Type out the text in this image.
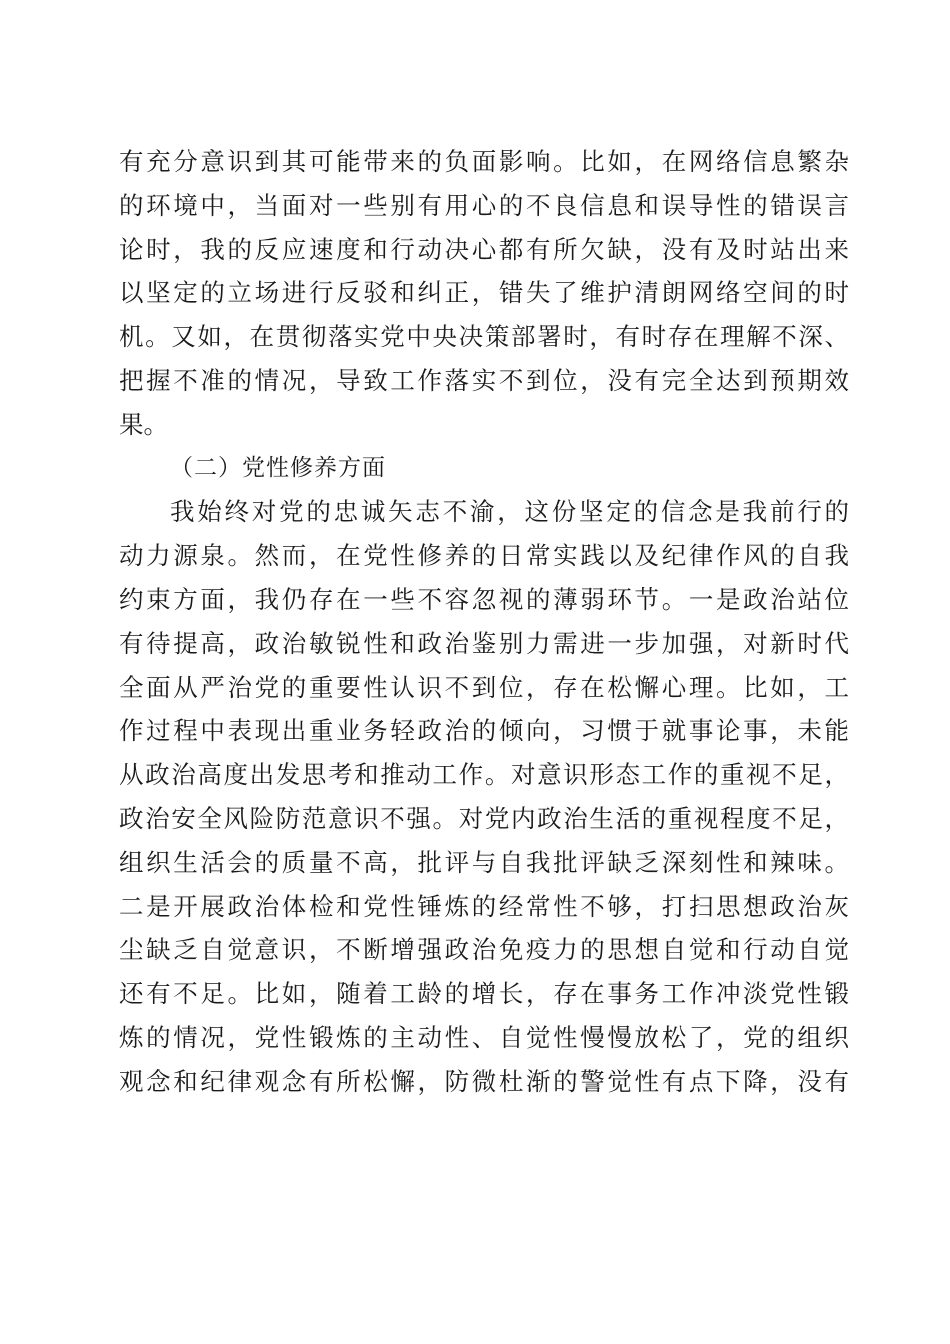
有充分意识到其可能带来的负面影响。比如，在网络信息繁杂
的环境中，当面对一些别有用心的不良信息和误导性的错误言
论时，我的反应速度和行动决心都有所欠缺，没有及时站出来
以坚定的立场进行反驳和纠正，错失了维护清朗网络空间的时
机。又如，在贯彻落实党中央决策部署时，有时存在理解不深、
把握不准的情况，导致工作落实不到位，没有完全达到预期效
果。
（二）党性修养方面
我始终对党的忠诚矢志不渝，这份坚定的信念是我前行的
动力源泉。然而，在党性修养的日常实践以及纪律作风的自我
约束方面，我仍存在一些不容忽视的薄弱环节。一是政治站位
有待提高，政治敏锐性和政治鉴别力需进一步加强，对新时代
全面从严治党的重要性认识不到位，存在松懈心理。比如，工
作过程中表现出重业务轻政治的倾向，习惯于就事论事，未能
从政治高度出发思考和推动工作。对意识形态工作的重视不足，
政治安全风险防范意识不强。对党内政治生活的重视程度不足，
组织生活会的质量不高，批评与自我批评缺乏深刻性和辣味。
二是开展政治体检和党性锤炼的经常性不够，打扫思想政治灰
尘缺乏自觉意识，不断增强政治免疫力的思想自觉和行动自觉
还有不足。比如，随着工龄的增长，存在事务工作冲淡党性锻
炼的情况，党性锻炼的主动性、自觉性慢慢放松了，党的组织
观念和纪律观念有所松懈，防微杜渐的警觉性有点下降，没有
